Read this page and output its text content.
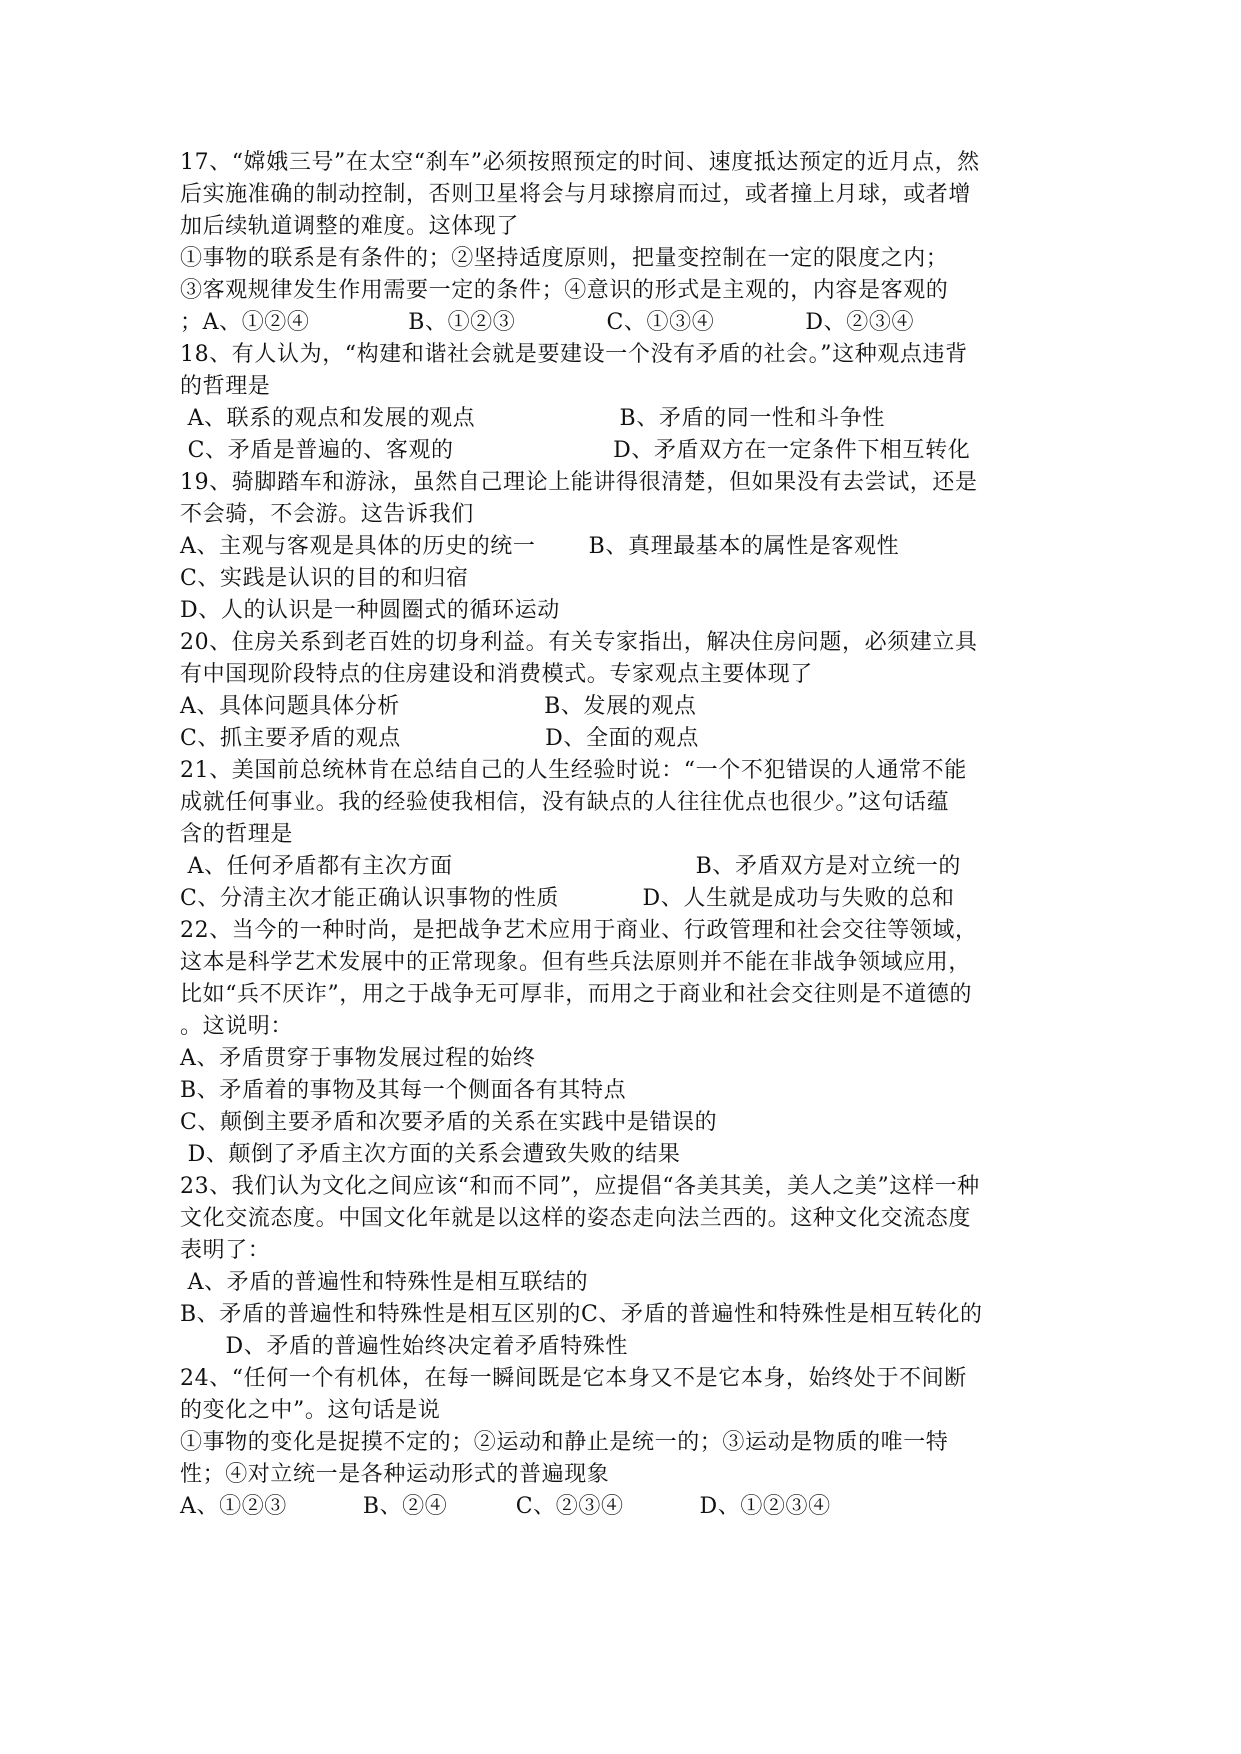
17、“嫦娥三号”在太空“刹车”必须按照预定的时间、速度抵达预定的近月点，然
后实施准确的制动控制，否则卫星将会与月球擦肩而过，或者撞上月球，或者增
加后续轨道调整的难度。这体现了
①事物的联系是有条件的；②坚持适度原则，把量变控制在一定的限度之内；
③客观规律发生作用需要一定的条件；④意识的形式是主观的，内容是客观的
；A、①②④             B、①②③            C、①③④            D、②③④
18、有人认为，“构建和谐社会就是要建设一个没有矛盾的社会。”这种观点违背
的哲理是
A、联系的观点和发展的观点                   B、矛盾的同一性和斗争性
C、矛盾是普遍的、客观的                     D、矛盾双方在一定条件下相互转化
19、骑脚踏车和游泳，虽然自己理论上能讲得很清楚，但如果没有去尝试，还是
不会骑，不会游。这告诉我们
A、主观与客观是具体的历史的统一       B、真理最基本的属性是客观性
C、实践是认识的目的和归宿
D、人的认识是一种圆圈式的循环运动
20、住房关系到老百姓的切身利益。有关专家指出，解决住房问题，必须建立具
有中国现阶段特点的住房建设和消费模式。专家观点主要体现了
A、具体问题具体分析                   B、发展的观点
C、抓主要矛盾的观点                   D、全面的观点
21、美国前总统林肯在总结自己的人生经验时说：“一个不犯错误的人通常不能
成就任何事业。我的经验使我相信，没有缺点的人往往优点也很少。”这句话蕴
含的哲理是
A、任何矛盾都有主次方面                                B、矛盾双方是对立统一的
C、分清主次才能正确认识事物的性质           D、人生就是成功与失败的总和
22、当今的一种时尚，是把战争艺术应用于商业、行政管理和社会交往等领域，
这本是科学艺术发展中的正常现象。但有些兵法原则并不能在非战争领域应用，
比如“兵不厌诈”，用之于战争无可厚非，而用之于商业和社会交往则是不道德的
。这说明：
A、矛盾贯穿于事物发展过程的始终
B、矛盾着的事物及其每一个侧面各有其特点
C、颠倒主要矛盾和次要矛盾的关系在实践中是错误的
D、颠倒了矛盾主次方面的关系会遭致失败的结果
23、我们认为文化之间应该“和而不同”，应提倡“各美其美，美人之美”这样一种
文化交流态度。中国文化年就是以这样的姿态走向法兰西的。这种文化交流态度
表明了：
A、矛盾的普遍性和特殊性是相互联结的
B、矛盾的普遍性和特殊性是相互区别的C、矛盾的普遍性和特殊性是相互转化的
D、矛盾的普遍性始终决定着矛盾特殊性
24、“任何一个有机体，在每一瞬间既是它本身又不是它本身，始终处于不间断
的变化之中”。这句话是说
①事物的变化是捉摸不定的；②运动和静止是统一的；③运动是物质的唯一特
性；④对立统一是各种运动形式的普遍现象
A、①②③          B、②④         C、②③④          D、①②③④
